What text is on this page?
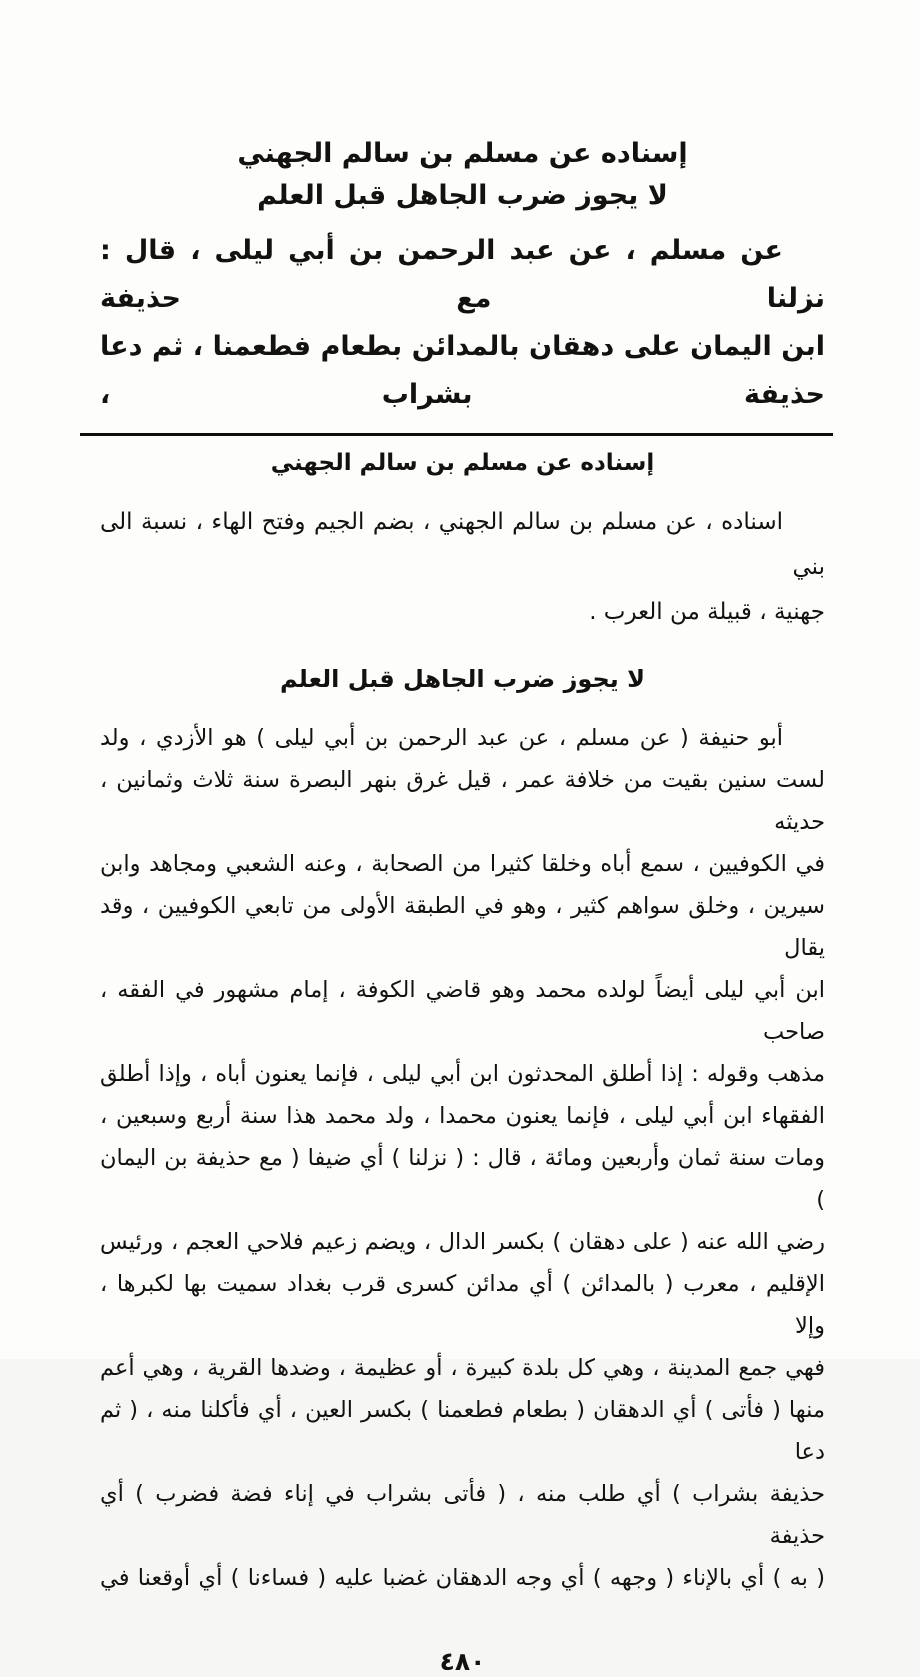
إسناده عن مسلم بن سالم الجهني
لا يجوز ضرب الجاهل قبل العلم
عن مسلم ، عن عبد الرحمن بن أبي ليلى ، قال : نزلنا مع حذيفة
ابن اليمان على دهقان بالمدائن بطعام فطعمنا ، ثم دعا حذيفة بشراب ،
إسناده عن مسلم بن سالم الجهني
اسناده ، عن مسلم بن سالم الجهني ، بضم الجيم وفتح الهاء ، نسبة الى بني
جهنية ، قبيلة من العرب .
لا يجوز ضرب الجاهل قبل العلم
أبو حنيفة ( عن مسلم ، عن عبد الرحمن بن أبي ليلى ) هو الأزدي ، ولد
لست سنين بقيت من خلافة عمر ، قيل غرق بنهر البصرة سنة ثلاث وثمانين ، حديثه
في الكوفيين ، سمع أباه وخلقا كثيرا من الصحابة ، وعنه الشعبي ومجاهد وابن
سيرين ، وخلق سواهم كثير ، وهو في الطبقة الأولى من تابعي الكوفيين ، وقد يقال
ابن أبي ليلى أيضاً لولده محمد وهو قاضي الكوفة ، إمام مشهور في الفقه ، صاحب
مذهب وقوله : إذا أطلق المحدثون ابن أبي ليلى ، فإنما يعنون أباه ، وإذا أطلق
الفقهاء ابن أبي ليلى ، فإنما يعنون محمدا ، ولد محمد هذا سنة أربع وسبعين ،
ومات سنة ثمان وأربعين ومائة ، قال : ( نزلنا ) أي ضيفا ( مع حذيفة بن اليمان )
رضي الله عنه ( على دهقان ) بكسر الدال ، ويضم زعيم فلاحي العجم ، ورئيس
الإقليم ، معرب ( بالمدائن ) أي مدائن كسرى قرب بغداد سميت بها لكبرها ، وإلا
فهي جمع المدينة ، وهي كل بلدة كبيرة ، أو عظيمة ، وضدها القرية ، وهي أعم
منها ( فأتى ) أي الدهقان ( بطعام فطعمنا ) بكسر العين ، أي فأكلنا منه ، ( ثم دعا
حذيفة بشراب ) أي طلب منه ، ( فأتى بشراب في إناء فضة فضرب ) أي حذيفة
( به ) أي بالإناء ( وجهه ) أي وجه الدهقان غضبا عليه ( فساءنا ) أي أوقعنا في
٤٨٠
